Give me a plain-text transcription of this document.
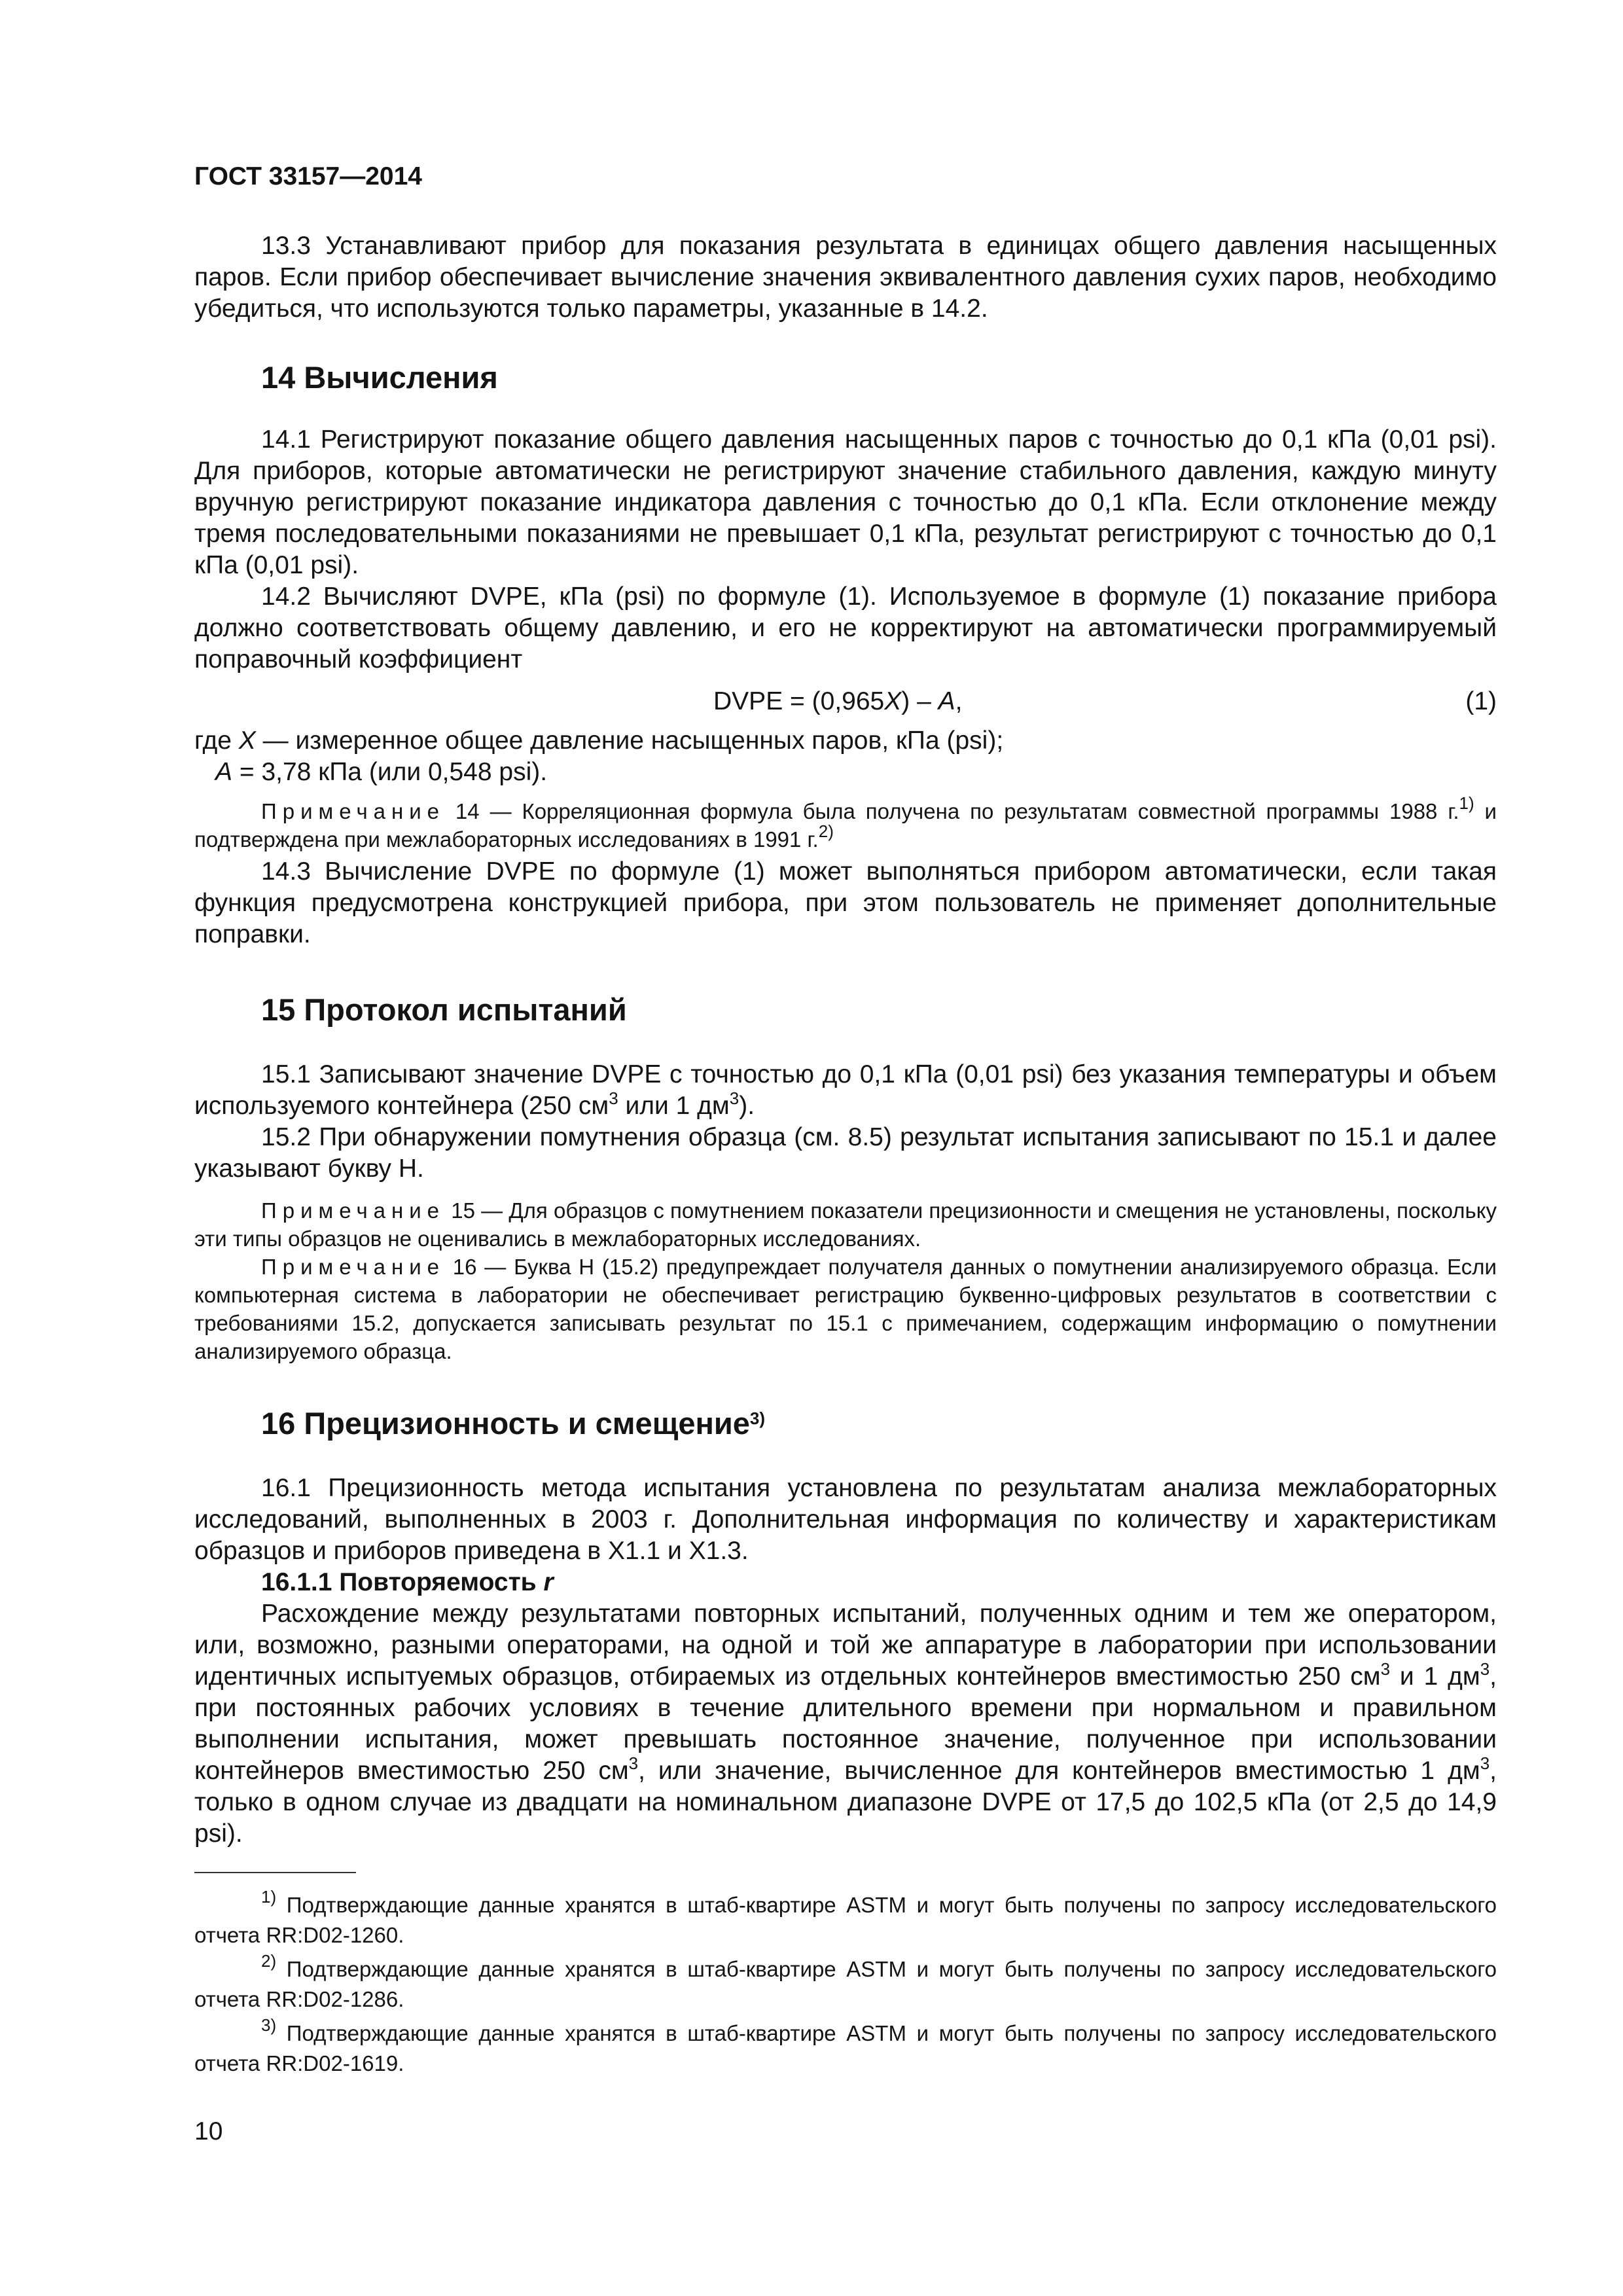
ГОСТ 33157—2014

13.3 Устанавливают прибор для показания результата в единицах общего давления насыщенных паров. Если прибор обеспечивает вычисление значения эквивалентного давления сухих паров, необходимо убедиться, что используются только параметры, указанные в 14.2.

14 Вычисления

14.1 Регистрируют показание общего давления насыщенных паров с точностью до 0,1 кПа (0,01 psi). Для приборов, которые автоматически не регистрируют значение стабильного давления, каждую минуту вручную регистрируют показание индикатора давления с точностью до 0,1 кПа. Если отклонение между тремя последовательными показаниями не превышает 0,1 кПа, результат регистрируют с точностью до 0,1 кПа (0,01 psi).

14.2 Вычисляют DVPE, кПа (psi) по формуле (1). Используемое в формуле (1) показание прибора должно соответствовать общему давлению, и его не корректируют на автоматически программируемый поправочный коэффициент

DVPE = (0,965X) – A,	(1)

где X — измеренное общее давление насыщенных паров, кПа (psi);

A = 3,78 кПа (или 0,548 psi).

Примечание 14 — Корреляционная формула была получена по результатам совместной программы 1988 г.$^{1)}$ и подтверждена при межлабораторных исследованиях в 1991 г.$^{2)}$

14.3 Вычисление DVPE по формуле (1) может выполняться прибором автоматически, если такая функция предусмотрена конструкцией прибора, при этом пользователь не применяет дополнительные поправки.

15 Протокол испытаний

15.1 Записывают значение DVPE с точностью до 0,1 кПа (0,01 psi) без указания температуры и объем используемого контейнера (250 $см^3$ или 1 $дм^3$).

15.2 При обнаружении помутнения образца (см. 8.5) результат испытания записывают по 15.1 и далее указывают букву Н.

Примечание 15 — Для образцов с помутнением показатели прецизионности и смещения не установлены, поскольку эти типы образцов не оценивались в межлабораторных исследованиях.

Примечание 16 — Буква Н (15.2) предупреждает получателя данных о помутнении анализируемого образца. Если компьютерная система в лаборатории не обеспечивает регистрацию буквенно-цифровых результатов в соответствии с требованиями 15.2, допускается записывать результат по 15.1 с примечанием, содержащим информацию о помутнении анализируемого образца.

16 Прецизионность и смещение$^{3)}$

16.1 Прецизионность метода испытания установлена по результатам анализа межлабораторных исследований, выполненных в 2003 г. Дополнительная информация по количеству и характеристикам образцов и приборов приведена в X1.1 и X1.3.

16.1.1 Повторяемость r

Расхождение между результатами повторных испытаний, полученных одним и тем же оператором, или, возможно, разными операторами, на одной и той же аппаратуре в лаборатории при использовании идентичных испытуемых образцов, отбираемых из отдельных контейнеров вместимостью 250 $см^3$ и 1 $дм^3$, при постоянных рабочих условиях в течение длительного времени при нормальном и правильном выполнении испытания, может превышать постоянное значение, полученное при использовании контейнеров вместимостью 250 $см^3$, или значение, вычисленное для контейнеров вместимостью 1 $дм^3$, только в одном случае из двадцати на номинальном диапазоне DVPE от 17,5 до 102,5 кПа (от 2,5 до 14,9 psi).

$^{1)}$ Подтверждающие данные хранятся в штаб-квартире ASTM и могут быть получены по запросу исследовательского отчета RR:D02-1260.

$^{2)}$ Подтверждающие данные хранятся в штаб-квартире ASTM и могут быть получены по запросу исследовательского отчета RR:D02-1286.

$^{3)}$ Подтверждающие данные хранятся в штаб-квартире ASTM и могут быть получены по запросу исследовательского отчета RR:D02-1619.

10
